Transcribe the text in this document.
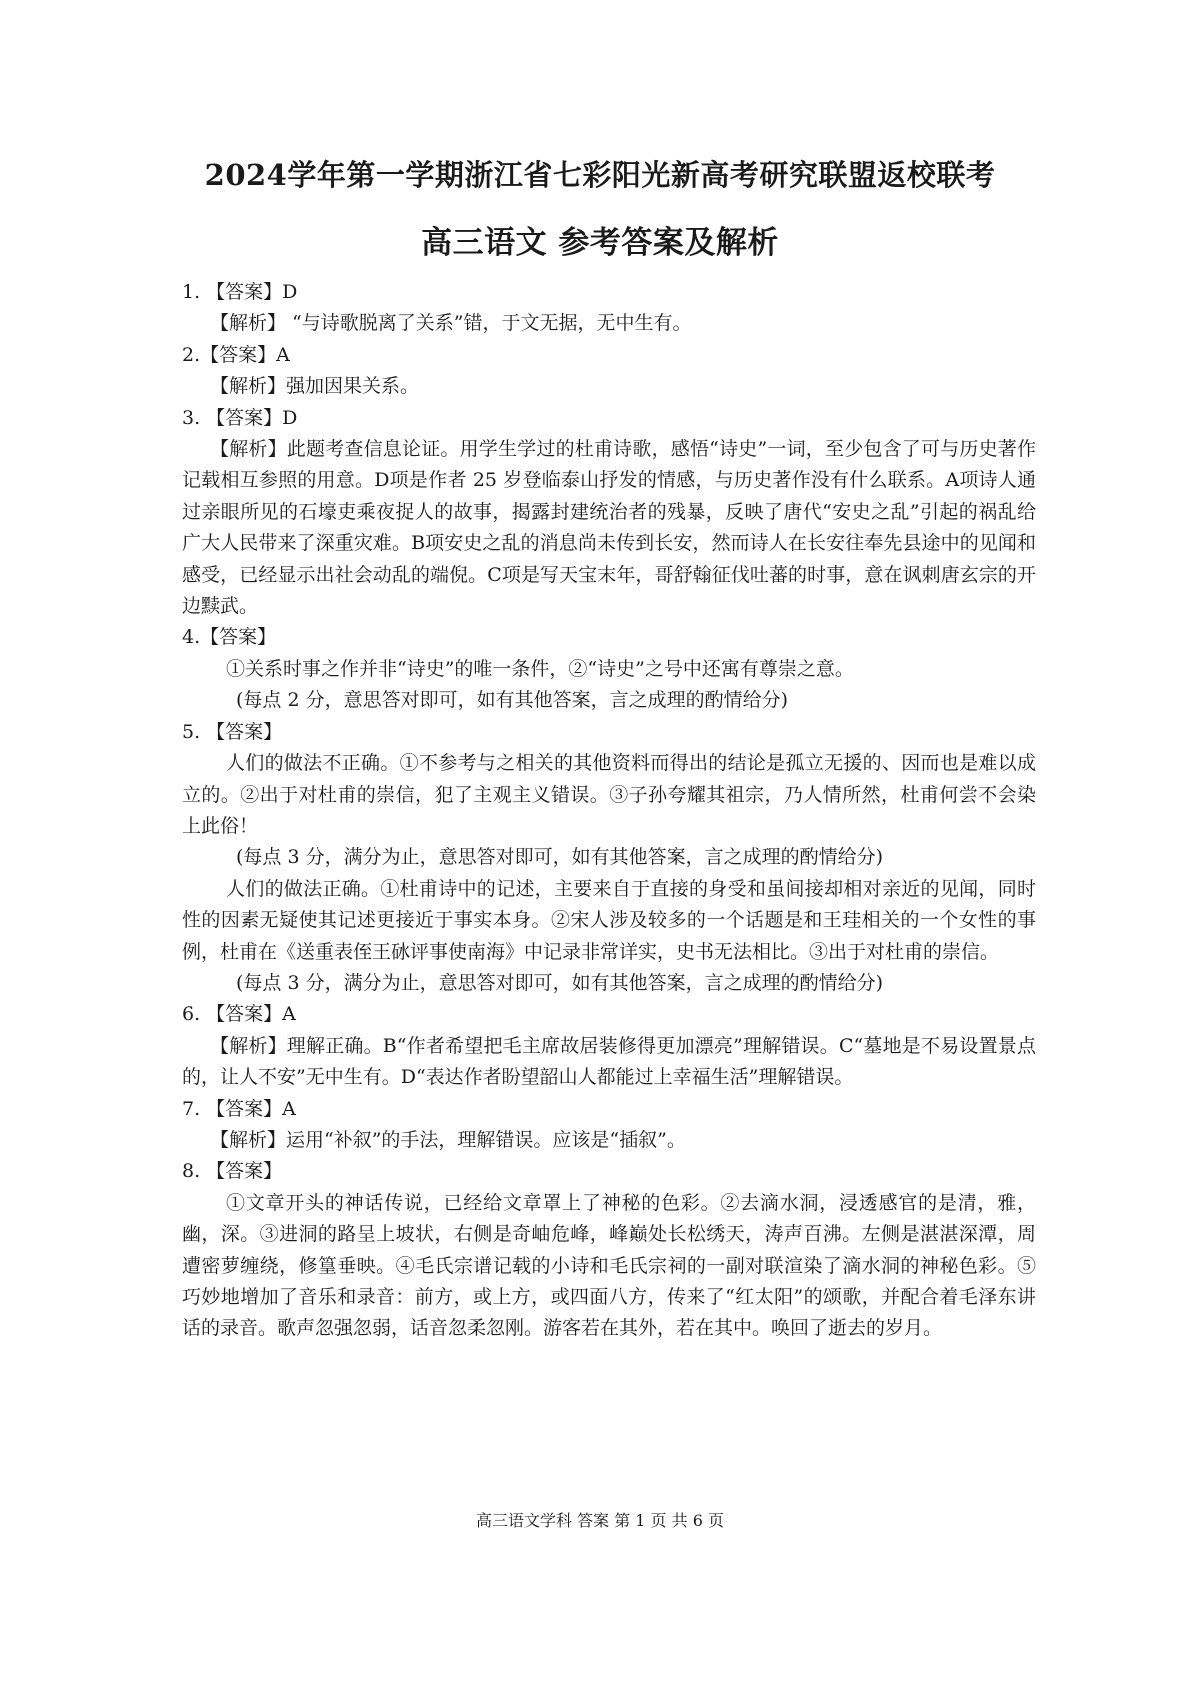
2024学年第一学期浙江省七彩阳光新高考研究联盟返校联考
高三语文 参考答案及解析
1. 【答案】D
【解析】 “与诗歌脱离了关系”错，于文无据，无中生有。
2.【答案】A
【解析】强加因果关系。
3. 【答案】D
【解析】此题考查信息论证。用学生学过的杜甫诗歌，感悟“诗史”一词，至少包含了可与历史著作记载相互参照的用意。D项是作者 25 岁登临泰山抒发的情感，与历史著作没有什么联系。A项诗人通过亲眼所见的石壕吏乘夜捉人的故事，揭露封建统治者的残暴，反映了唐代“安史之乱”引起的祸乱给广大人民带来了深重灾难。B项安史之乱的消息尚未传到长安，然而诗人在长安往奉先县途中的见闻和感受，已经显示出社会动乱的端倪。C项是写天宝末年，哥舒翰征伐吐蕃的时事，意在讽刺唐玄宗的开边黩武。
4.【答案】
①关系时事之作并非“诗史”的唯一条件，②“诗史”之号中还寓有尊崇之意。
(每点 2 分，意思答对即可，如有其他答案，言之成理的酌情给分)
5. 【答案】
人们的做法不正确。①不参考与之相关的其他资料而得出的结论是孤立无援的、因而也是难以成立的。②出于对杜甫的崇信，犯了主观主义错误。③子孙夸耀其祖宗，乃人情所然，杜甫何尝不会染上此俗！
(每点 3 分，满分为止，意思答对即可，如有其他答案，言之成理的酌情给分)
人们的做法正确。①杜甫诗中的记述，主要来自于直接的身受和虽间接却相对亲近的见闻，同时性的因素无疑使其记述更接近于事实本身。②宋人涉及较多的一个话题是和王珪相关的一个女性的事例，杜甫在《送重表侄王砅评事使南海》中记录非常详实，史书无法相比。③出于对杜甫的崇信。
(每点 3 分，满分为止，意思答对即可，如有其他答案，言之成理的酌情给分)
6. 【答案】A
【解析】理解正确。B“作者希望把毛主席故居装修得更加漂亮”理解错误。C“墓地是不易设置景点的，让人不安”无中生有。D“表达作者盼望韶山人都能过上幸福生活”理解错误。
7. 【答案】A
【解析】运用“补叙”的手法，理解错误。应该是“插叙”。
8. 【答案】
①文章开头的神话传说，已经给文章罩上了神秘的色彩。②去滴水洞，浸透感官的是清，雅，幽，深。③进洞的路呈上坡状，右侧是奇岫危峰，峰巅处长松绣天，涛声百沸。左侧是湛湛深潭，周遭密萝缠绕，修篁垂映。④毛氏宗谱记载的小诗和毛氏宗祠的一副对联渲染了滴水洞的神秘色彩。⑤巧妙地增加了音乐和录音：前方，或上方，或四面八方，传来了“红太阳”的颂歌，并配合着毛泽东讲话的录音。歌声忽强忽弱，话音忽柔忽刚。游客若在其外，若在其中。唤回了逝去的岁月。
高三语文学科 答案 第 1 页 共 6 页
